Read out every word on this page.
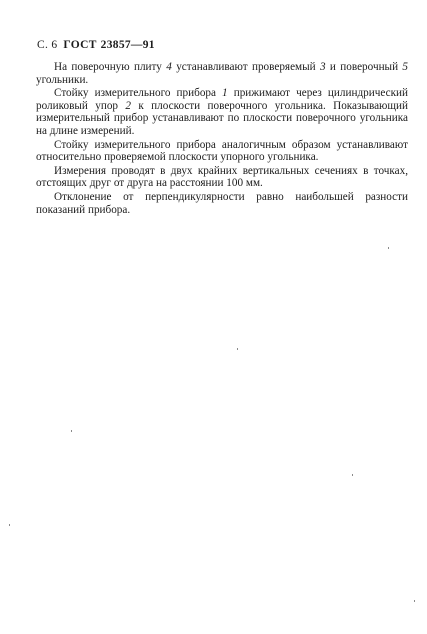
С. 6 ГОСТ 23857—91

На поверочную плиту 4 устанавливают проверяемый 3 и поверочный 5 угольники.

Стойку измерительного прибора 1 прижимают через цилиндрический роликовый упор 2 к плоскости поверочного угольника. Показывающий измерительный прибор устанавливают по плоскости поверочного угольника на длине измерений.

Стойку измерительного прибора аналогичным образом устанавливают относительно проверяемой плоскости упорного угольника.

Измерения проводят в двух крайних вертикальных сечениях в точках, отстоящих друг от друга на расстоянии 100 мм.

Отклонение от перпендикулярности равно наибольшей разности показаний прибора.
